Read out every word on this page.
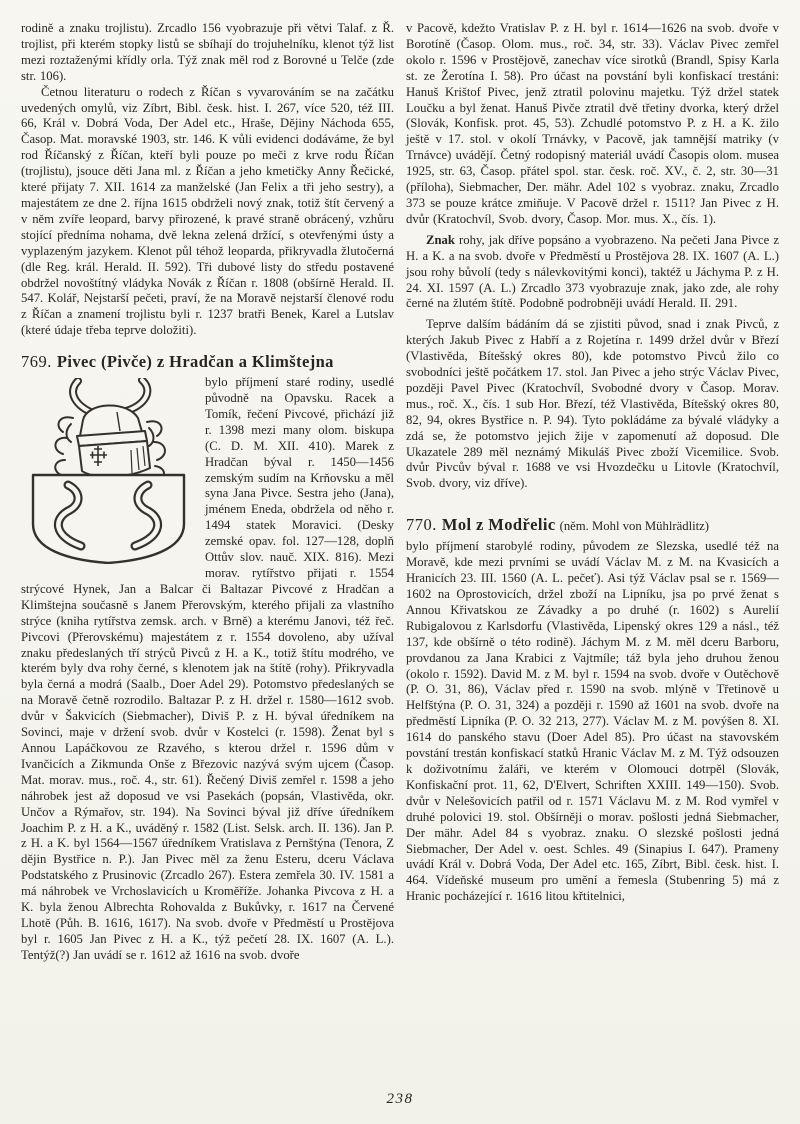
rodině a znaku trojlistu). Zrcadlo 156 vyobrazuje při větvi Talaf. z Ř. trojlist, při kterém stopky listů se sbíhají do trojuhelníku, klenot týž list mezi roztaženými křídly orla. Týž znak měl rod z Borovné u Telče (zde str. 106).

Četnou literaturu o rodech z Říčan s vyvarováním se na začátku uvedených omylů, viz Zíbrt, Bibl. česk. hist. I. 267, více 520, též III. 66, Král v. Dobrá Voda, Der Adel etc., Hraše, Dějiny Náchoda 655, Časop. Mat. moravské 1903, str. 146. K vůli evidenci dodáváme, že byl rod Říčanský z Říčan, kteří byli pouze po meči z krve rodu Říčan (trojlistu), jsouce děti Jana ml. z Říčan a jeho kmetičky Anny Řečické, které přijaty 7. XII. 1614 za manželské (Jan Felix a tři jeho sestry), a majestátem ze dne 2. října 1615 obdrželi nový znak, totiž štít červený a v něm zvíře leopard, barvy přirozené, k pravé straně obrácený, vzhůru stojící předníma nohama, dvě lekna zelená držící, s otevřenými ústy a vyplazeným jazykem. Klenot půl téhož leoparda, přikryvadla žlutočerná (dle Reg. král. Herald. II. 592). Tři dubové listy do středu postavené obdržel novoštítný vládyka Novák z Říčan r. 1808 (obšírně Herald. II. 547. Kolář, Nejstarší pečeti, praví, že na Moravě nejstarší členové rodu z Říčan a znamení trojlistu byli r. 1237 bratři Benek, Karel a Lutslav (které údaje třeba teprve doložiti).

769. Pivec (Pivče) z Hradčan a Klimštejna

bylo příjmení staré rodiny, usedlé původně na Opavsku. Racek a Tomík, řečení Pivcové, přichází již r. 1398 mezi many olom. biskupa (C. D. M. XII. 410). Marek z Hradčan býval r. 1450—1456 zemským sudím na Krňovsku a měl syna Jana Pivce. Sestra jeho (Jana), jménem Eneda, obdržela od něho r. 1494 statek Moravici. (Desky zemské opav. fol. 127—128, doplň Ottův slov. nauč. XIX. 816). Mezi morav. rytířstvo přijati r. 1554 strýcové Hynek, Jan a Balcar či Baltazar Pivcové z Hradčan a Klimštejna současně s Janem Přerovským, kterého přijali za vlastního strýce (kniha rytířstva zemsk. arch. v Brně) a kterému Janovi, též řeč. Pivcovi (Přerovskému) majestátem z r. 1554 dovoleno, aby užíval znaku předeslaných tří strýců Pivců z H. a K., totiž štítu modrého, ve kterém byly dva rohy černé, s klenotem jak na štítě (rohy). Přikryvadla byla černá a modrá (Saalb., Doer Adel 29). Potomstvo předeslaných se na Moravě četně rozrodilo. Baltazar P. z H. držel r. 1580—1612 svob. dvůr v Šakvicích (Siebmacher), Diviš P. z H. býval úředníkem na Sovinci, maje v držení svob. dvůr v Kostelci (r. 1598). Ženat byl s Annou Lapáčkovou ze Rzavého, s kterou držel r. 1596 dům v Ivančicích a Zikmunda Onše z Březovic nazývá svým ujcem (Časop. Mat. morav. mus., roč. 4., str. 61). Řečený Diviš zemřel r. 1598 a jeho náhrobek jest až doposud ve vsi Pasekách (popsán, Vlastivěda, okr. Unčov a Rýmařov, str. 194). Na Sovinci býval již dříve úředníkem Joachim P. z H. a K., uváděný r. 1582 (List. Selsk. arch. II. 136). Jan P. z H. a K. byl 1564—1567 úředníkem Vratislava z Pernštýna (Tenora, Z dějin Bystřice n. P.). Jan Pivec měl za ženu Esteru, dceru Václava Podstatského z Prusinovic (Zrcadlo 267). Estera zemřela 30. IV. 1581 a má náhrobek ve Vrchoslavicích u Kroměříže. Johanka Pivcova z H. a K. byla ženou Albrechta Rohovalda z Bukůvky, r. 1617 na Červené Lhotě (Půh. B. 1616, 1617). Na svob. dvoře v Předměstí u Prostějova byl r. 1605 Jan Pivec z H. a K., týž pečetí 28. IX. 1607 (A. L.). Tentýž(?) Jan uvádí se r. 1612 až 1616 na svob. dvoře

v Pacově, kdežto Vratislav P. z H. byl r. 1614—1626 na svob. dvoře v Borotíně (Časop. Olom. mus., roč. 34, str. 33). Václav Pivec zemřel okolo r. 1596 v Prostějově, zanechav více sirotků (Brandl, Spisy Karla st. ze Žerotína I. 58). Pro účast na povstání byli konfiskací trestáni: Hanuš Krištof Pivec, jenž ztratil polovinu majetku. Týž držel statek Loučku a byl ženat. Hanuš Pivče ztratil dvě třetiny dvorka, který držel (Slovák, Konfisk. prot. 45, 53). Zchudlé potomstvo P. z H. a K. žilo ještě v 17. stol. v okolí Trnávky, v Pacově, jak tamnější matriky (v Trnávce) uvádějí. Četný rodopisný materiál uvádí Časopis olom. musea 1925, str. 63, Časop. přátel spol. star. česk. roč. XV., č. 2, str. 30—31 (příloha), Siebmacher, Der. mähr. Adel 102 s vyobraz. znaku, Zrcadlo 373 se pouze krátce zmiňuje. V Pacově držel r. 1511? Jan Pivec z H. dvůr (Kratochvíl, Svob. dvory, Časop. Mor. mus. X., čís. 1).

Znak rohy, jak dříve popsáno a vyobrazeno. Na pečeti Jana Pivce z H. a K. a na svob. dvoře v Předměstí u Prostějova 28. IX. 1607 (A. L.) jsou rohy bůvolí (tedy s nálevkovitými konci), taktéž u Jáchyma P. z H. 24. XI. 1597 (A. L.) Zrcadlo 373 vyobrazuje znak, jako zde, ale rohy černé na žlutém štítě. Podobně podrobněji uvádí Herald. II. 291.

Teprve dalším bádáním dá se zjistiti původ, snad i znak Pivců, z kterých Jakub Pivec z Habří a z Rojetína r. 1499 držel dvůr v Březí (Vlastivěda, Bítešský okres 80), kde potomstvo Pivců žilo co svobodníci ještě počátkem 17. stol. Jan Pivec a jeho strýc Václav Pivec, později Pavel Pivec (Kratochvíl, Svobodné dvory v Časop. Morav. mus., roč. X., čís. 1 sub Hor. Březí, též Vlastivěda, Bítešský okres 80, 82, 94, okres Bystřice n. P. 94). Tyto pokládáme za bývalé vládyky a zdá se, že potomstvo jejich žije v zapomenutí až doposud. Dle Ukazatele 289 měl neznámý Mikuláš Pivec zboží Vicemilice. Svob. dvůr Pivcův býval r. 1688 ve vsi Hvozdečku u Litovle (Kratochvíl, Svob. dvory, viz dříve).

770. Mol z Modřelic (něm. Mohl von Mühlrädlitz)

bylo příjmení starobylé rodiny, původem ze Slezska, usedlé též na Moravě, kde mezi prvními se uvádí Václav M. z M. na Kvasicích a Hranicích 23. III. 1560 (A. L. pečeť). Asi týž Václav psal se r. 1569—1602 na Oprostovicích, držel zboží na Lipníku, jsa po prvé ženat s Annou Křivatskou ze Závadky a po druhé (r. 1602) s Aurelií Rubigalovou z Karlsdorfu (Vlastivěda, Lipenský okres 129 a násl., též 137, kde obšírně o této rodině). Jáchym M. z M. měl dceru Barboru, provdanou za Jana Krabici z Vajtmíle; táž byla jeho druhou ženou (okolo r. 1592). David M. z M. byl r. 1594 na svob. dvoře v Outěchově (P. O. 31, 86), Václav před r. 1590 na svob. mlýně v Třetinově u Helfštýna (P. O. 31, 324) a později r. 1590 až 1601 na svob. dvoře na předměstí Lipníka (P. O. 32 213, 277). Václav M. z M. povýšen 8. XI. 1614 do panského stavu (Doer Adel 85). Pro účast na stavovském povstání trestán konfiskací statků Hranic Václav M. z M. Týž odsouzen k doživotnímu žaláři, ve kterém v Olomouci dotrpěl (Slovák, Konfiskační prot. 11, 62, D'Elvert, Schriften XXIII. 149—150). Svob. dvůr v Nelešovicích patřil od r. 1571 Václavu M. z M. Rod vymřel v druhé polovici 19. stol. Obšírněji o morav. pošlosti jedná Siebmacher, Der mähr. Adel 84 s vyobraz. znaku. O slezské pošlosti jedná Siebmacher, Der Adel v. oest. Schles. 49 (Sinapius I. 647). Prameny uvádí Král v. Dobrá Voda, Der Adel etc. 165, Zíbrt, Bibl. česk. hist. I. 464. Vídeňské museum pro umění a řemesla (Stubenring 5) má z Hranic pocházející r. 1616 litou křtitelnici,

238
